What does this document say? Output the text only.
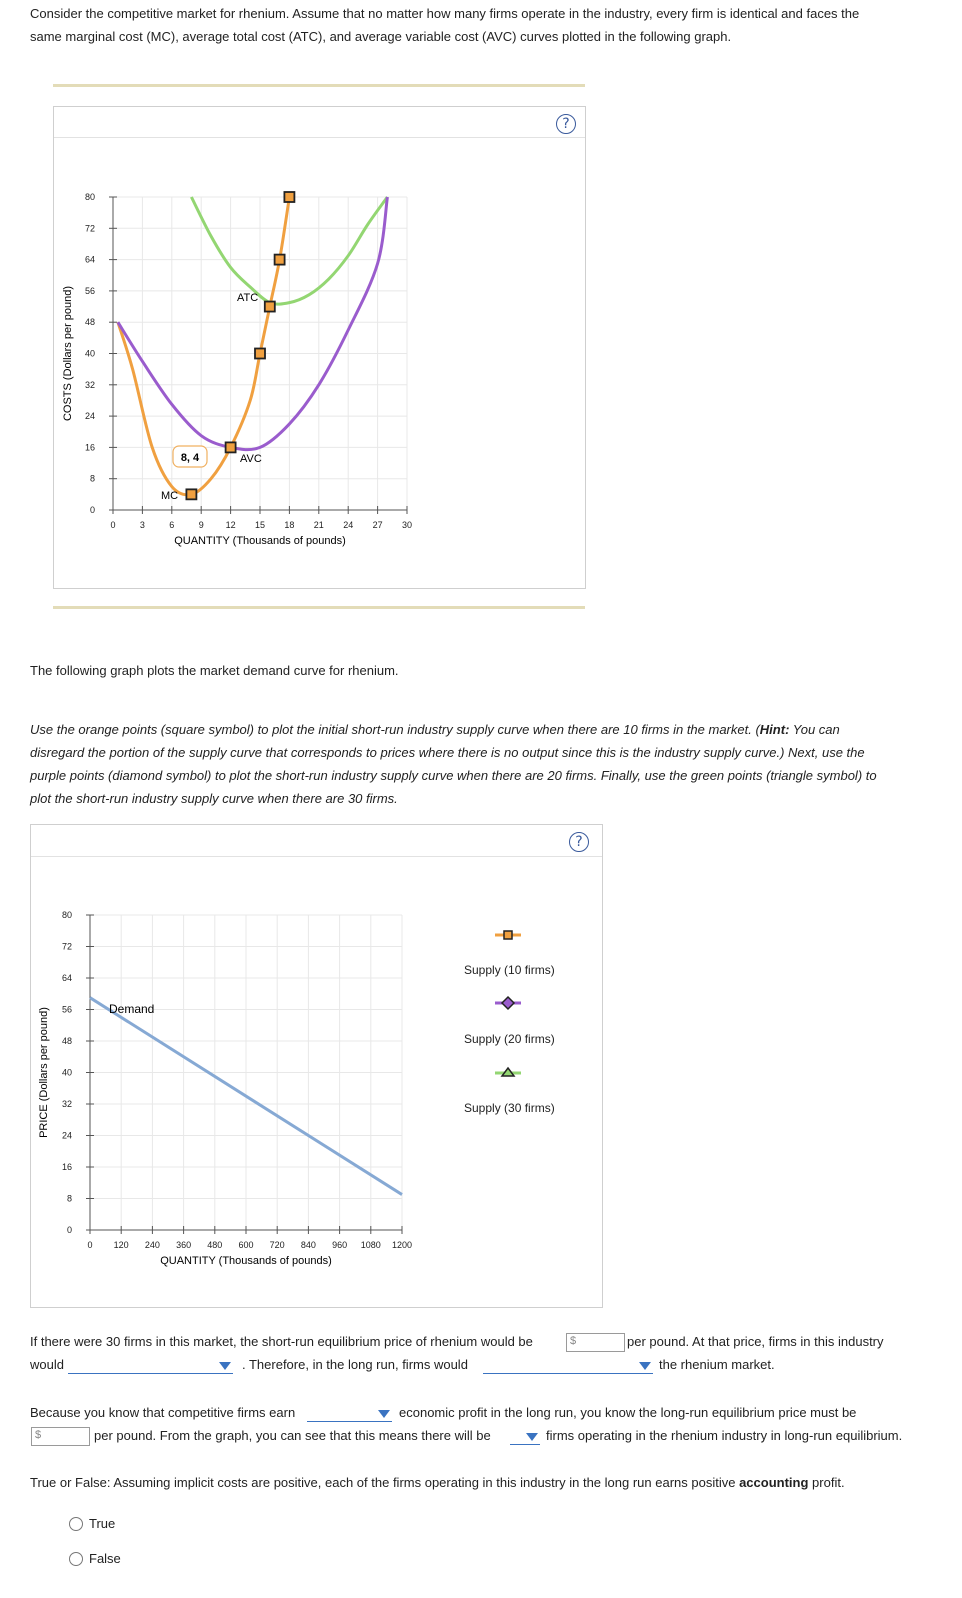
Consider the competitive market for rhenium. Assume that no matter how many firms operate in the industry, every firm is identical and faces the
same marginal cost (MC), average total cost (ATC), and average variable cost (AVC) curves plotted in the following graph.
?
0	3	6	9 12 15 18 21 24 27 30
0
8
16
24
32
40
48
56
64
72
80
QUANTITY (Thousands of pounds)
COSTS (Dollars per pound)
8, 4
MC
ATC
AVC
The following graph plots the market demand curve for rhenium.
Use the orange points (square symbol) to plot the initial short-run industry supply curve when there are 10 firms in the market. (Hint: You can
disregard the portion of the supply curve that corresponds to prices where there is no output since this is the industry supply curve.) Next, use the
purple points (diamond symbol) to plot the short-run industry supply curve when there are 20 firms. Finally, use the green points (triangle symbol) to
plot the short-run industry supply curve when there are 30 firms.
?
0 120 240 360 480 600 720 840 960 1080 1200
0
8
16
24
32
40
48
56
64
72
80
QUANTITY (Thousands of pounds)
PRICE (Dollars per pound)	Demand
Supply (10 firms)
Supply (20 firms)
Supply (30 firms)
If there were 30 firms in this market, the short-run equilibrium price of rhenium would be	$	per pound. At that price, firms in this industry
would	. Therefore, in the long run, firms would	the rhenium market.
Because you know that competitive firms earn	economic profit in the long run, you know the long-run equilibrium price must be
$	per pound. From the graph, you can see that this means there will be	firms operating in the rhenium industry in long-run equilibrium.
True or False: Assuming implicit costs are positive, each of the firms operating in this industry in the long run earns positive accounting profit.
True
False
